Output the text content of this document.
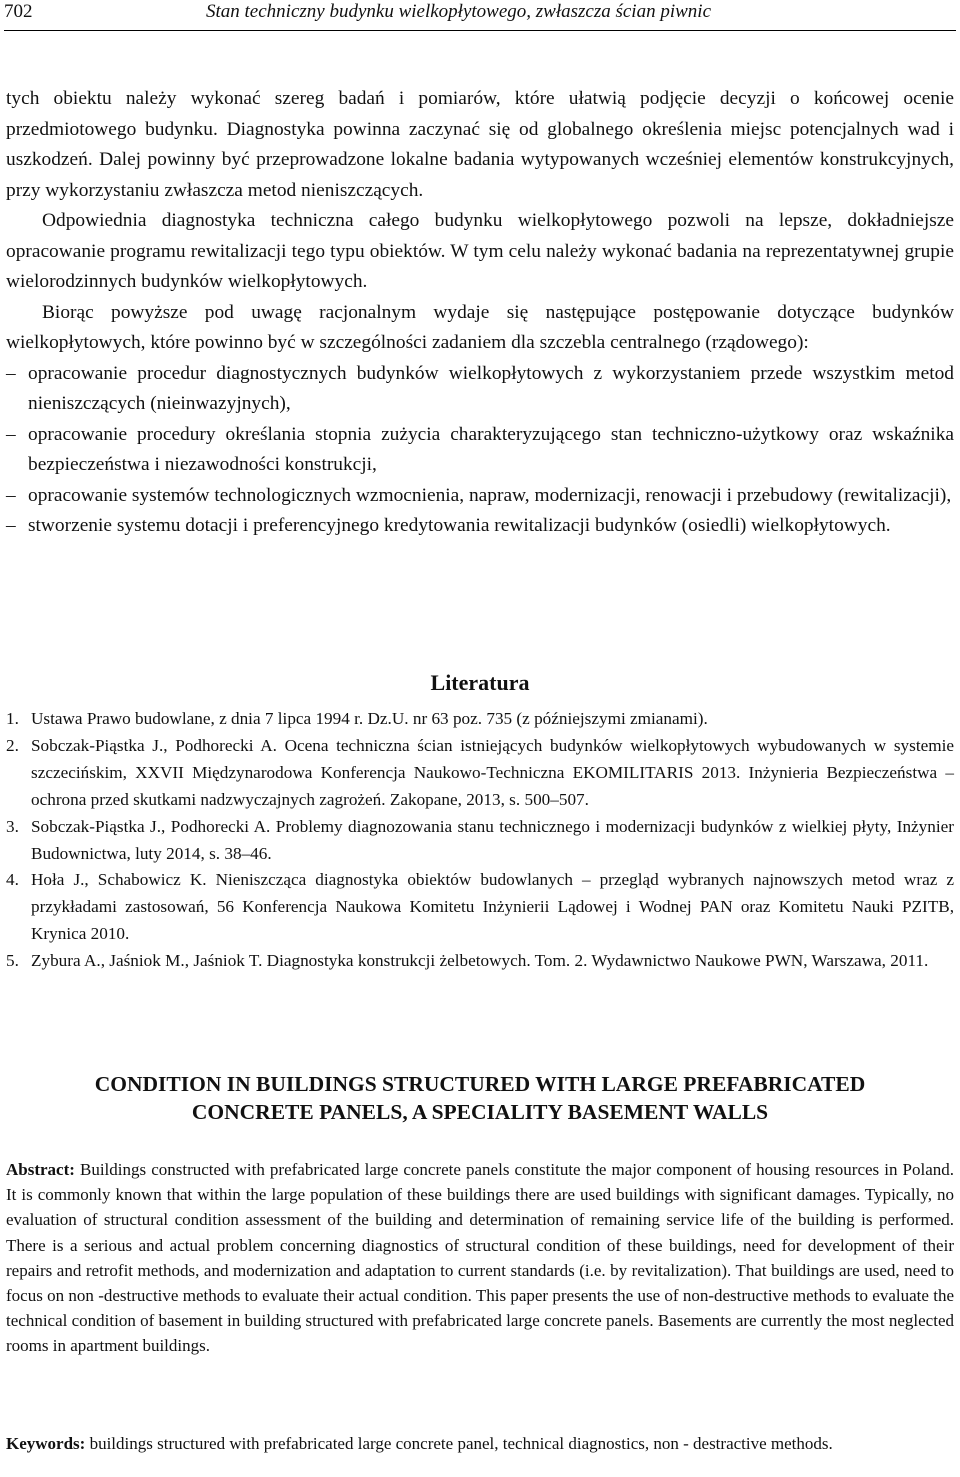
702	Stan techniczny budynku wielkopłytowego, zwłaszcza ścian piwnic

tych obiektu należy wykonać szereg badań i pomiarów, które ułatwią podjęcie decyzji o końcowej ocenie przedmiotowego budynku. Diagnostyka powinna zaczynać się od globalnego określenia miejsc potencjalnych wad i uszkodzeń. Dalej powinny być przeprowadzone lokalne badania wytypowanych wcześniej elementów konstrukcyjnych, przy wykorzystaniu zwłaszcza metod nieniszczących.

Odpowiednia diagnostyka techniczna całego budynku wielkopłytowego pozwoli na lepsze, dokładniejsze opracowanie programu rewitalizacji tego typu obiektów. W tym celu należy wykonać badania na reprezentatywnej grupie wielorodzinnych budynków wielkopłytowych.

Biorąc powyższe pod uwagę racjonalnym wydaje się następujące postępowanie dotyczące budynków wielkopłytowych, które powinno być w szczególności zadaniem dla szczebla centralnego (rządowego):

– opracowanie procedur diagnostycznych budynków wielkopłytowych z wykorzystaniem przede wszystkim metod nieniszczących (nieinwazyjnych),
– opracowanie procedury określania stopnia zużycia charakteryzującego stan techniczno-użytkowy oraz wskaźnika bezpieczeństwa i niezawodności konstrukcji,
– opracowanie systemów technologicznych wzmocnienia, napraw, modernizacji, renowacji i przebudowy (rewitalizacji),
– stworzenie systemu dotacji i preferencyjnego kredytowania rewitalizacji budynków (osiedli) wielkopłytowych.
Literatura
1. Ustawa Prawo budowlane, z dnia 7 lipca 1994 r. Dz.U. nr 63 poz. 735 (z późniejszymi zmianami).
2. Sobczak-Piąstka J., Podhorecki A. Ocena techniczna ścian istniejących budynków wielkopłytowych wybudowanych w systemie szczecińskim, XXVII Międzynarodowa Konferencja Naukowo-Techniczna EKOMILITARIS 2013. Inżynieria Bezpieczeństwa – ochrona przed skutkami nadzwyczajnych zagrożeń. Zakopane, 2013, s. 500–507.
3. Sobczak-Piąstka J., Podhorecki A. Problemy diagnozowania stanu technicznego i modernizacji budynków z wielkiej płyty, Inżynier Budownictwa, luty 2014, s. 38–46.
4. Hoła J., Schabowicz K. Nieniszcząca diagnostyka obiektów budowlanych – przegląd wybranych najnowszych metod wraz z przykładami zastosowań, 56 Konferencja Naukowa Komitetu Inżynierii Lądowej i Wodnej PAN oraz Komitetu Nauki PZITB, Krynica 2010.
5. Zybura A., Jaśniok M., Jaśniok T. Diagnostyka konstrukcji żelbetowych. Tom. 2. Wydawnictwo Naukowe PWN, Warszawa, 2011.
CONDITION IN BUILDINGS STRUCTURED WITH LARGE PREFABRICATED
CONCRETE PANELS, A SPECIALITY BASEMENT WALLS

Abstract: Buildings constructed with prefabricated large concrete panels constitute the major component of housing resources in Poland. It is commonly known that within the large population of these buildings there are used buildings with significant damages. Typically, no evaluation of structural condition assessment of the building and determination of remaining service life of the building is performed. There is a serious and actual problem concerning diagnostics of structural condition of these buildings, need for development of their repairs and retrofit methods, and modernization and adaptation to current standards (i.e. by revitalization). That buildings are used, need to focus on non -destructive methods to evaluate their actual condition. This paper presents the use of non-destructive methods to evaluate the technical condition of basement in building structured with prefabricated large concrete panels. Basements are currently the most neglected rooms in apartment buildings.

Keywords: buildings structured with prefabricated large concrete panel, technical diagnostics, non - destractive methods.
